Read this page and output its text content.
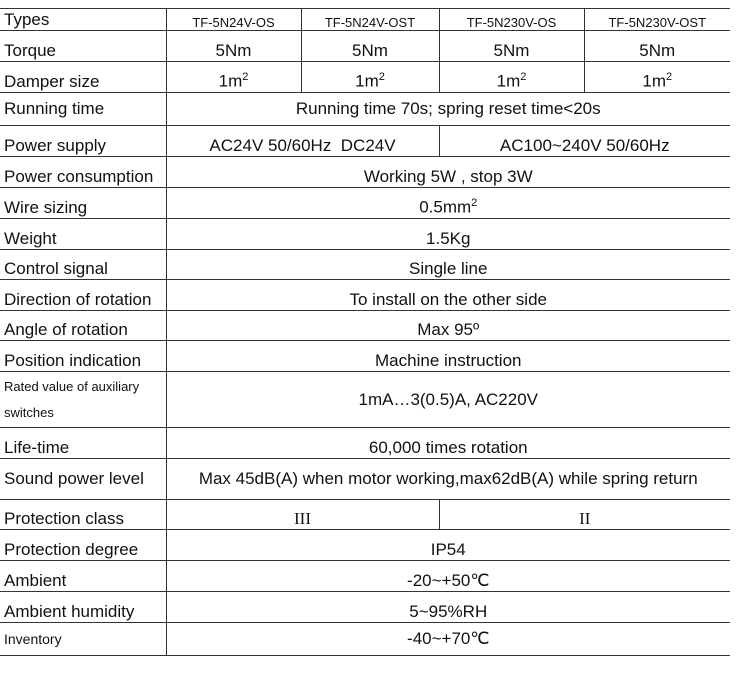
Types	TF-5N24V-OS	TF-5N24V-OST	TF-5N230V-OS	TF-5N230V-OST
Torque	5Nm	5Nm	5Nm	5Nm
Damper size	$1m^2$	$1m^2$	$1m^2$	$1m^2$
Running time	Running time 70s; spring reset time<20s			
Power supply	AC24V 50/60Hz  DC24V		AC100~240V 50/60Hz	
Power consumption	Working 5W , stop 3W			
Wire sizing	$0.5mm^2$
Weight	1.5Kg			
Control signal	Single line			
Direction of rotation	To install on the other side			
Angle of rotation	Max 95º			
Position indication	Machine instruction			
Rated value of auxiliary
switches	1mA…3(0.5)A, AC220V			
Life-time	60,000 times rotation			
Sound power level	Max 45dB(A) when motor working,max62dB(A) while spring return			
Protection class	III		II	
Protection degree	IP54			
Ambient	-20~+50℃			
Ambient humidity	5~95%RH			
Inventory	-40~+70℃			
